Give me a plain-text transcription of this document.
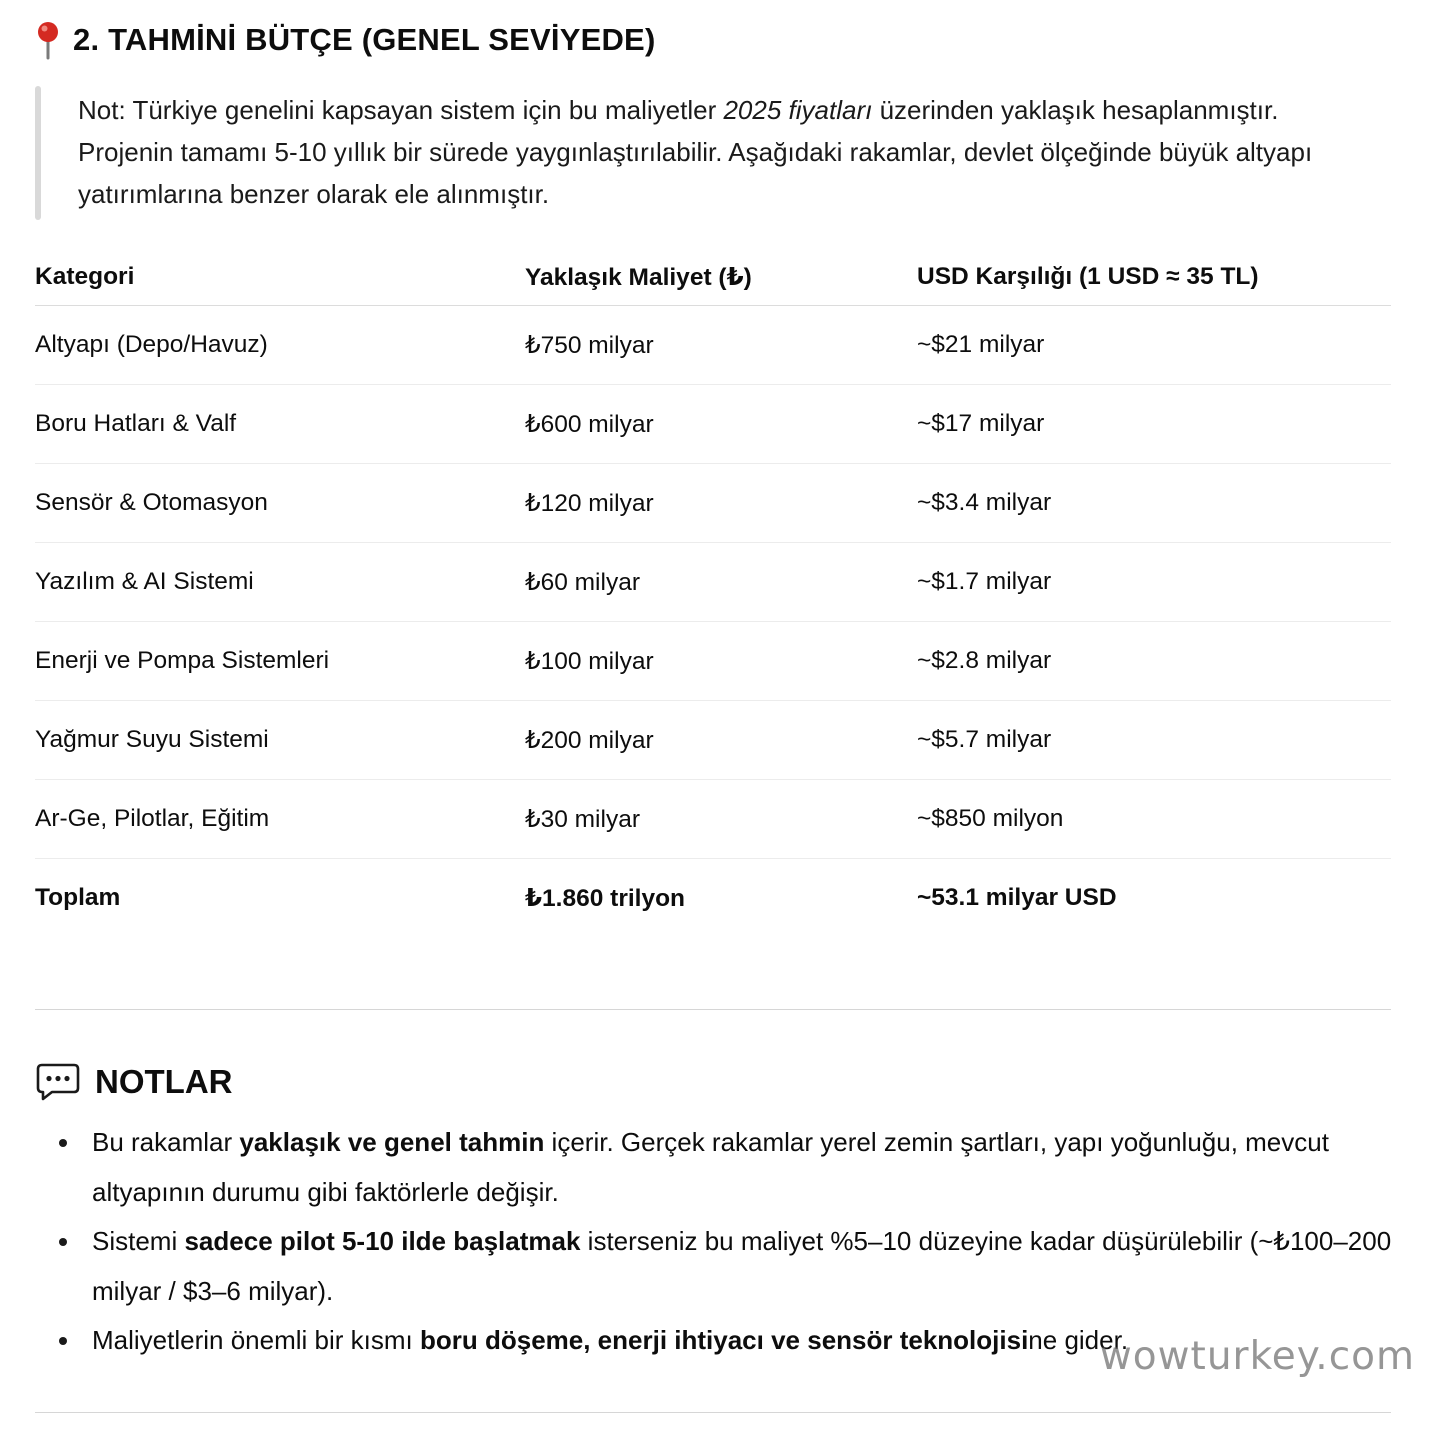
2. TAHMİNİ BÜTÇE (GENEL SEVİYEDE)
Not: Türkiye genelini kapsayan sistem için bu maliyetler 2025 fiyatları üzerinden yaklaşık hesaplanmıştır. Projenin tamamı 5-10 yıllık bir sürede yaygınlaştırılabilir. Aşağıdaki rakamlar, devlet ölçeğinde büyük altyapı yatırımlarına benzer olarak ele alınmıştır.
Kategori	Yaklaşık Maliyet (₺)	USD Karşılığı (1 USD ≈ 35 TL)
Altyapı (Depo/Havuz)	₺750 milyar	~$21 milyar
Boru Hatları & Valf	₺600 milyar	~$17 milyar
Sensör & Otomasyon	₺120 milyar	~$3.4 milyar
Yazılım & AI Sistemi	₺60 milyar	~$1.7 milyar
Enerji ve Pompa Sistemleri	₺100 milyar	~$2.8 milyar
Yağmur Suyu Sistemi	₺200 milyar	~$5.7 milyar
Ar-Ge, Pilotlar, Eğitim	₺30 milyar	~$850 milyon
Toplam	₺1.860 trilyon	~53.1 milyar USD
NOTLAR
Bu rakamlar yaklaşık ve genel tahmin içerir. Gerçek rakamlar yerel zemin şartları, yapı yoğunluğu, mevcut altyapının durumu gibi faktörlerle değişir.
Sistemi sadece pilot 5-10 ilde başlatmak isterseniz bu maliyet %5–10 düzeyine kadar düşürülebilir (~₺100–200 milyar / $3–6 milyar).
Maliyetlerin önemli bir kısmı boru döşeme, enerji ihtiyacı ve sensör teknolojisine gider.
wowturkey.com
